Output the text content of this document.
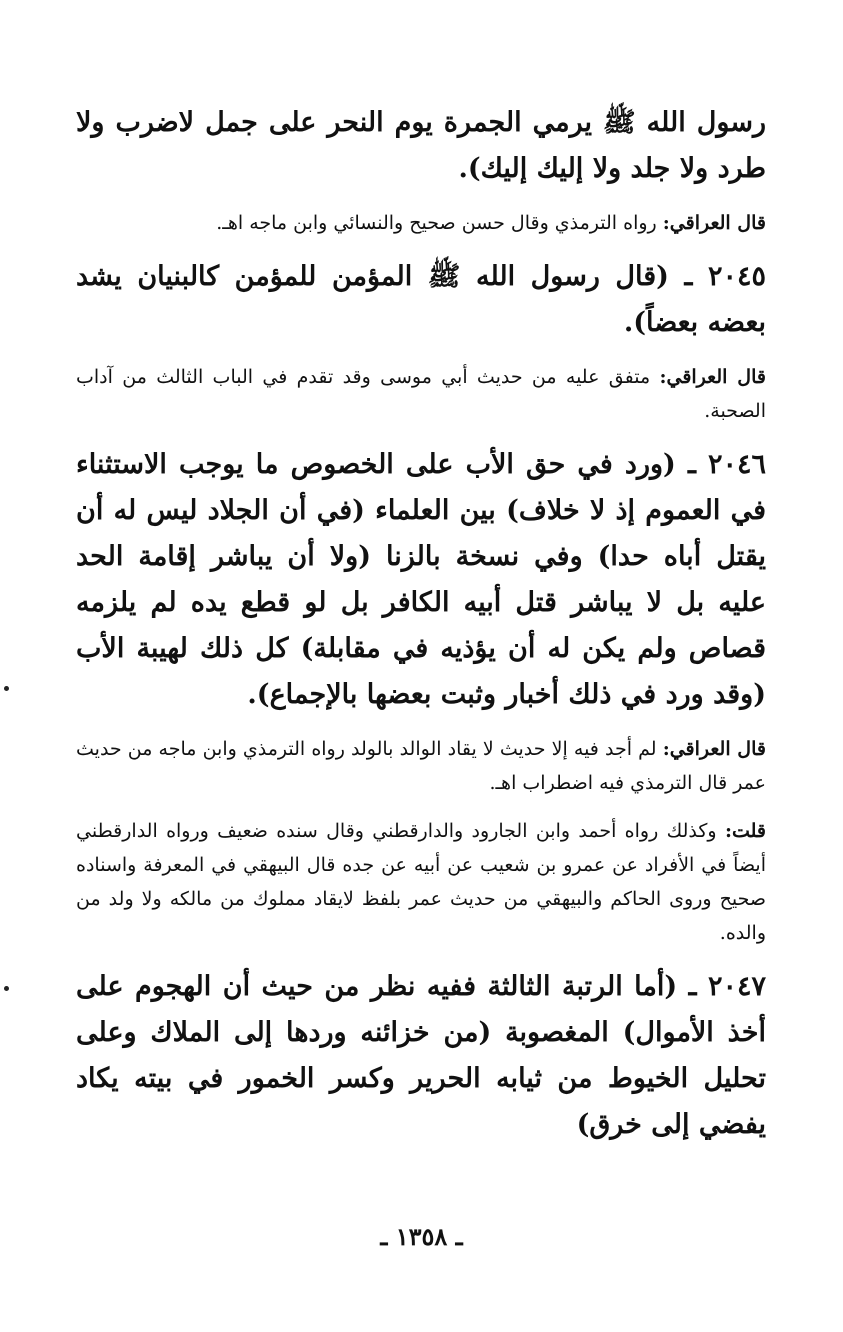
رسول الله ﷺ يرمي الجمرة يوم النحر على جمل لاضرب ولا طرد ولا جلد ولا إليك إليك).

قال العراقي: رواه الترمذي وقال حسن صحيح والنسائي وابن ماجه اهـ.

٢٠٤٥ ـ (قال رسول الله ﷺ المؤمن للمؤمن كالبنيان يشد بعضه بعضاً).

قال العراقي: متفق عليه من حديث أبي موسى وقد تقدم في الباب الثالث من آداب الصحبة.

٢٠٤٦ ـ (ورد في حق الأب على الخصوص ما يوجب الاستثناء في العموم إذ لا خلاف) بين العلماء (في أن الجلاد ليس له أن يقتل أباه حدا) وفي نسخة بالزنا (ولا أن يباشر إقامة الحد عليه بل لا يباشر قتل أبيه الكافر بل لو قطع يده لم يلزمه قصاص ولم يكن له أن يؤذيه في مقابلة) كل ذلك لهيبة الأب (وقد ورد في ذلك أخبار وثبت بعضها بالإجماع).

قال العراقي: لم أجد فيه إلا حديث لا يقاد الوالد بالولد رواه الترمذي وابن ماجه من حديث عمر قال الترمذي فيه اضطراب اهـ.

قلت: وكذلك رواه أحمد وابن الجارود والدارقطني وقال سنده ضعيف ورواه الدارقطني أيضاً في الأفراد عن عمرو بن شعيب عن أبيه عن جده قال البيهقي في المعرفة واسناده صحيح وروى الحاكم والبيهقي من حديث عمر بلفظ لايقاد مملوك من مالكه ولا ولد من والده.

٢٠٤٧ ـ (أما الرتبة الثالثة ففيه نظر من حيث أن الهجوم على أخذ الأموال) المغصوبة (من خزائنه وردها إلى الملاك وعلى تحليل الخيوط من ثيابه الحرير وكسر الخمور في بيته يكاد يفضي إلى خرق)

ـ ١٣٥٨ ـ
